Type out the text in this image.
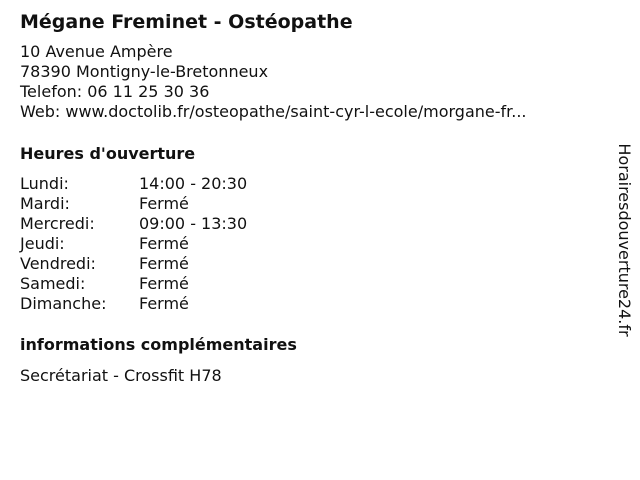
Mégane Freminet - Ostéopathe
10 Avenue Ampère
78390 Montigny-le-Bretonneux
Telefon: 06 11 25 30 36
Web: www.doctolib.fr/osteopathe/saint-cyr-l-ecole/morgane-fr...
Heures d'ouverture
Lundi:	14:00 - 20:30
Mardi:	Fermé
Mercredi:	09:00 - 13:30
Jeudi:	Fermé
Vendredi:	Fermé
Samedi:	Fermé
Dimanche:	Fermé
informations complémentaires
Secrétariat - Crossfit H78
Horairesdouverture24.fr
